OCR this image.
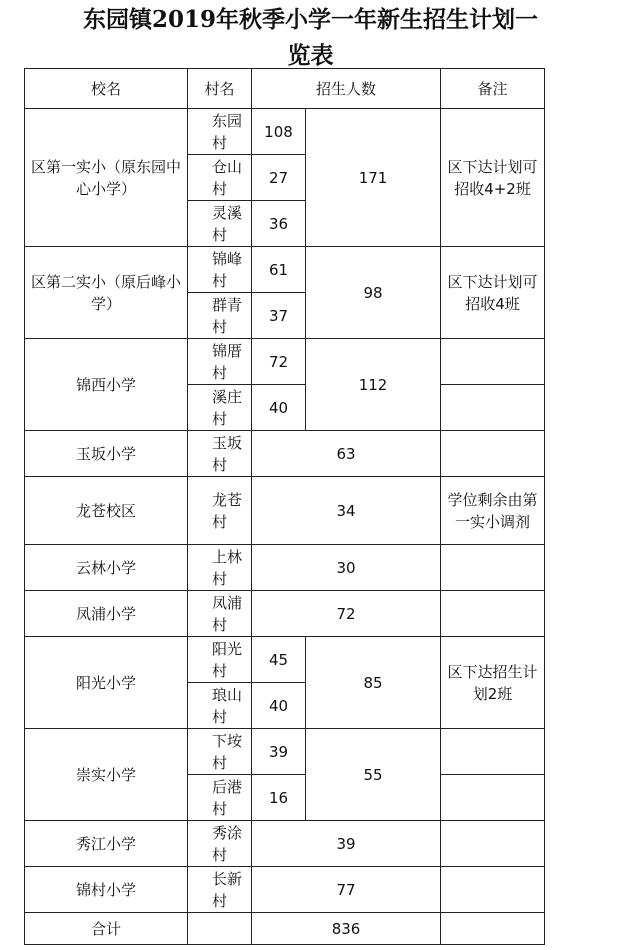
东园镇2019年秋季小学一年新生招生计划一
览表
校名	村名	招生人数		备注
区第一实小（原东园中心小学）	东园村	108	171	区下达计划可招收4+2班
	仓山村	27		
	灵溪村	36		
区第二实小（原后峰小学）	锦峰村	61	98	区下达计划可招收4班
	群青村	37		
锦西小学	锦厝村	72	112	
	溪庄村	40		
玉坂小学	玉坂村	63		
龙苍校区	龙苍村	34		学位剩余由第一实小调剂
云林小学	上林村	30		
凤浦小学	凤浦村	72		
阳光小学	阳光村	45	85	区下达招生计划2班
	琅山村	40		
崇实小学	下垵村	39	55	
	后港村	16		
秀江小学	秀涂村	39		
锦村小学	长新村	77		
合计		836		
